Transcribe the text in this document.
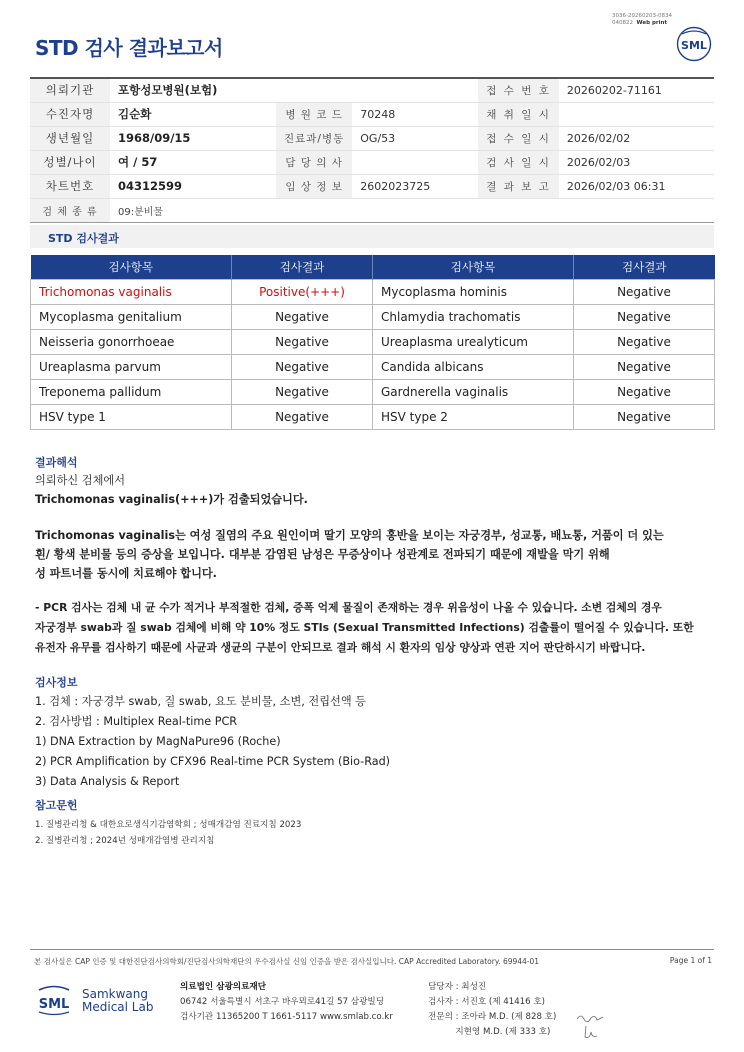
3036-20260203-0834
040822 Web print
STD 검사 결과보고서	SML
의뢰기관	포항성모병원(보험)			접 수 번 호	20260202-71161
수진자명	김순화	병 원 코 드	70248	채 취 일 시	
생년월일	1968/09/15	진료과/병동	OG/53	접 수 일 시	2026/02/02
성별/나이	여 / 57	담 당 의 사		검 사 일 시	2026/02/03
차트번호	04312599	임 상 정 보	2602023725	결 과 보 고	2026/02/03 06:31
검 체 종 류	09:분비물				
STD 검사결과
검사항목	검사결과	검사항목	검사결과
Trichomonas vaginalis	Positive(+++)	Mycoplasma hominis	Negative
Mycoplasma genitalium	Negative	Chlamydia trachomatis	Negative
Neisseria gonorrhoeae	Negative	Ureaplasma urealyticum	Negative
Ureaplasma parvum	Negative	Candida albicans	Negative
Treponema pallidum	Negative	Gardnerella vaginalis	Negative
HSV type 1	Negative	HSV type 2	Negative
결과해석
의뢰하신 검체에서
Trichomonas vaginalis(+++)가 검출되었습니다.
Trichomonas vaginalis는 여성 질염의 주요 원인이며 딸기 모양의 홍반을 보이는 자궁경부, 성교통, 배뇨통, 거품이 더 있는
흰/ 황색 분비물 등의 증상을 보입니다. 대부분 감염된 남성은 무증상이나 성관계로 전파되기 때문에 재발을 막기 위해
성 파트너를 동시에 치료해야 합니다.
- PCR 검사는 검체 내 균 수가 적거나 부적절한 검체, 증폭 억제 물질이 존재하는 경우 위음성이 나올 수 있습니다. 소변 검체의 경우
자궁경부 swab과 질 swab 검체에 비해 약 10% 정도 STIs (Sexual Transmitted Infections) 검출률이 떨어질 수 있습니다. 또한
유전자 유무를 검사하기 때문에 사균과 생균의 구분이 안되므로 결과 해석 시 환자의 임상 양상과 연관 지어 판단하시기 바랍니다.
검사정보
1. 검체 : 자궁경부 swab, 질 swab, 요도 분비물, 소변, 전립선액 등
2. 검사방법 : Multiplex Real-time PCR
1) DNA Extraction by MagNaPure96 (Roche)
2) PCR Amplification by CFX96 Real-time PCR System (Bio-Rad)
3) Data Analysis & Report
참고문헌
1. 질병관리청 & 대한요로생식기감염학회 ; 성매개감염 진료지침 2023
2. 질병관리청 ; 2024년 성매개감염병 관리지침
본 검사실은 CAP 인증 및 대한진단검사의학회/진단검사의학재단의 우수검사실 신임 인증을 받은 검사실입니다. CAP Accredited Laboratory. 69944-01	Page 1 of 1
SML
Samkwang
Medical Lab
의료법인 삼광의료재단
06742 서울특별시 서초구 바우뫼로41길 57 삼광빌딩
검사기관 11365200 T 1661-5117 www.smlab.co.kr
담당자 : 최성진
검사자 : 서진호 (제 41416 호)
전문의 : 조아라 M.D. (제 828 호)
지현영 M.D. (제 333 호)
